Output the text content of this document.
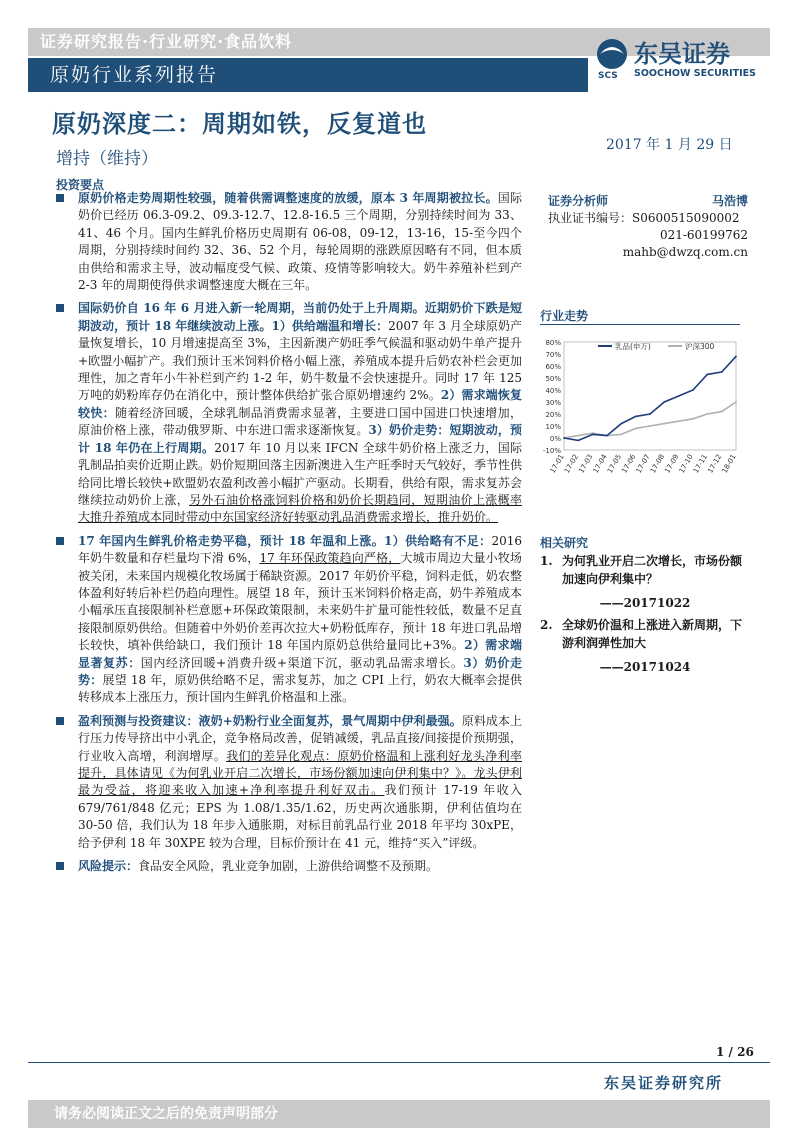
证券研究报告·行业研究·食品饮料
原奶行业系列报告	SCS
东吴证券
SOOCHOW SECURITIES
原奶深度二：周期如铁，反复道也
增持（维持）
2017 年 1 月 29 日
投资要点

原奶价格走势周期性较强，随着供需调整速度的放缓，原本 3 年周期被拉长。国际奶价已经历 06.3-09.2、09.3-12.7、12.8-16.5 三个周期，分别持续时间为 33、41、46 个月。国内生鲜乳价格历史周期有 06-08，09-12，13-16，15-至今四个周期，分别持续时间约 32、36、52 个月，每轮周期的涨跌原因略有不同，但本质由供给和需求主导，波动幅度受气候、政策、疫情等影响较大。奶牛养殖补栏到产 2-3 年的周期使得供求调整速度大概在三年。

国际奶价自 16 年 6 月进入新一轮周期，当前仍处于上升周期。近期奶价下跌是短期波动，预计 18 年继续波动上涨。1）供给端温和增长：2007 年 3 月全球原奶产量恢复增长，10 月增速提高至 3%，主因新澳产奶旺季气候温和驱动奶牛单产提升+欧盟小幅扩产。我们预计玉米饲料价格小幅上涨，养殖成本提升后奶农补栏会更加理性，加之青年小牛补栏到产约 1-2 年，奶牛数量不会快速提升。同时 17 年 125 万吨的奶粉库存仍在消化中，预计整体供给扩张合原奶增速约 2%。2）需求端恢复较快：随着经济回暖，全球乳制品消费需求显著，主要进口国中国进口快速增加，原油价格上涨，带动俄罗斯、中东进口需求逐渐恢复。3）奶价走势：短期波动，预计 18 年仍在上行周期。2017 年 10 月以来 IFCN 全球牛奶价格上涨乏力，国际乳制品拍卖价近期止跌。奶价短期回落主因新澳进入生产旺季时天气较好，季节性供给同比增长较快+欧盟奶农盈利改善小幅扩产驱动。长期看，供给有限，需求复苏会继续拉动奶价上涨，另外石油价格涨饲料价格和奶价长期趋同，短期油价上涨概率大推升养殖成本同时带动中东国家经济好转驱动乳品消费需求增长，推升奶价。

17 年国内生鲜乳价格走势平稳，预计 18 年温和上涨。1）供给略有不足：2016 年奶牛数量和存栏量均下滑 6%，17 年环保政策趋向严格，大城市周边大量小牧场被关闭，未来国内规模化牧场属于稀缺资源。2017 年奶价平稳，饲料走低，奶农整体盈利好转后补栏仍趋向理性。展望 18 年，预计玉米饲料价格走高，奶牛养殖成本小幅承压直接限制补栏意愿+环保政策限制，未来奶牛扩量可能性较低，数量不足直接限制原奶供给。但随着中外奶价差再次拉大+奶粉低库存，预计 18 年进口乳品增长较快，填补供给缺口，我们预计 18 年国内原奶总供给量同比+3%。2）需求端显著复苏：国内经济回暖+消费升级+渠道下沉，驱动乳品需求增长。3）奶价走势：展望 18 年，原奶供给略不足，需求复苏，加之 CPI 上行，奶农大概率会提供转移成本上涨压力，预计国内生鲜乳价格温和上涨。

盈利预测与投资建议：液奶+奶粉行业全面复苏，景气周期中伊利最强。原料成本上行压力传导挤出中小乳企，竞争格局改善，促销减缓，乳品直接/间接提价预期强，行业收入高增，利润增厚。我们的差异化观点：原奶价格温和上涨利好龙头净利率提升，具体请见《为何乳业开启二次增长，市场份额加速向伊利集中？》。龙头伊利最为受益，将迎来收入加速+净利率提升利好双击。我们预计 17-19 年收入 679/761/848 亿元；EPS 为 1.08/1.35/1.62，历史两次通胀期，伊利估值均在 30-50 倍，我们认为 18 年步入通胀期，对标目前乳品行业 2018 年平均 30xPE，给予伊利 18 年 30XPE 较为合理，目标价预计在 41 元，维持“买入”评级。

风险提示：食品安全风险，乳业竞争加剧，上游供给调整不及预期。

证券分析师	马浩博
执业证书编号：S0600515090002
021-60199762
mahb@dwzq.com.cn
行业走势
80%
70%
60%
50%
40%
30%
20%
10%
0%
-10%
17-01
17-02
17-03
17-04
17-05
17-06
17-07
17-08
17-09
17-10
17-11
17-12
18-01
乳品(申万)	沪深300
相关研究
1. 为何乳业开启二次增长，市场份额加速向伊利集中？
——20171022
2. 全球奶价温和上涨进入新周期，下游利润弹性加大
——20171024
1 / 26
东吴证券研究所
请务必阅读正文之后的免责声明部分
